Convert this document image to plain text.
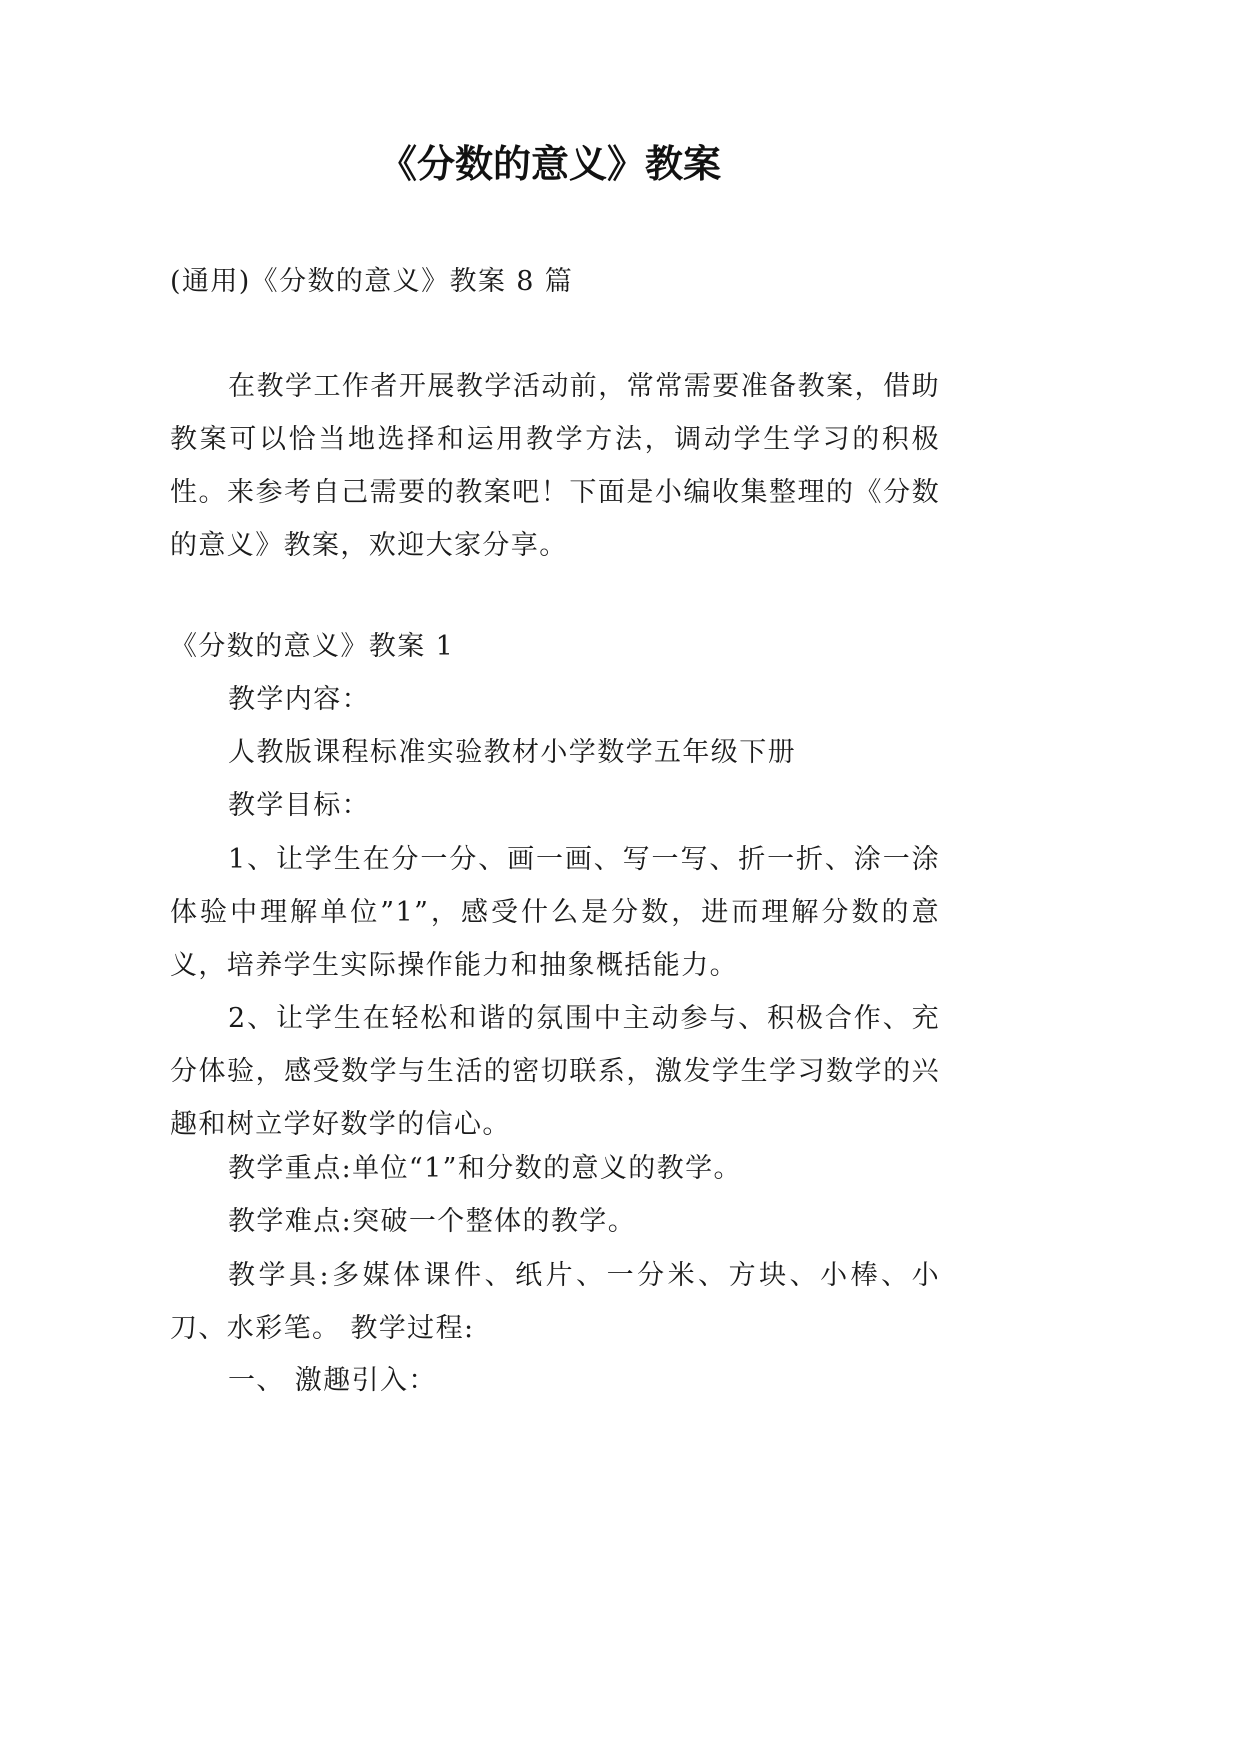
《分数的意义》教案
(通用)《分数的意义》教案 8 篇
在教学工作者开展教学活动前，常常需要准备教案，借助教案可以恰当地选择和运用教学方法，调动学生学习的积极性。来参考自己需要的教案吧！下面是小编收集整理的《分数的意义》教案，欢迎大家分享。
《分数的意义》教案 1
教学内容：
人教版课程标准实验教材小学数学五年级下册
教学目标：
1、让学生在分一分、画一画、写一写、折一折、涂一涂体验中理解单位”1”，感受什么是分数，进而理解分数的意义，培养学生实际操作能力和抽象概括能力。
2、让学生在轻松和谐的氛围中主动参与、积极合作、充分体验，感受数学与生活的密切联系，激发学生学习数学的兴趣和树立学好数学的信心。
教学重点:单位“1”和分数的意义的教学。
教学难点:突破一个整体的教学。
教学具:多媒体课件、纸片、一分米、方块、小棒、小刀、水彩笔。 教学过程:
一、 激趣引入：
